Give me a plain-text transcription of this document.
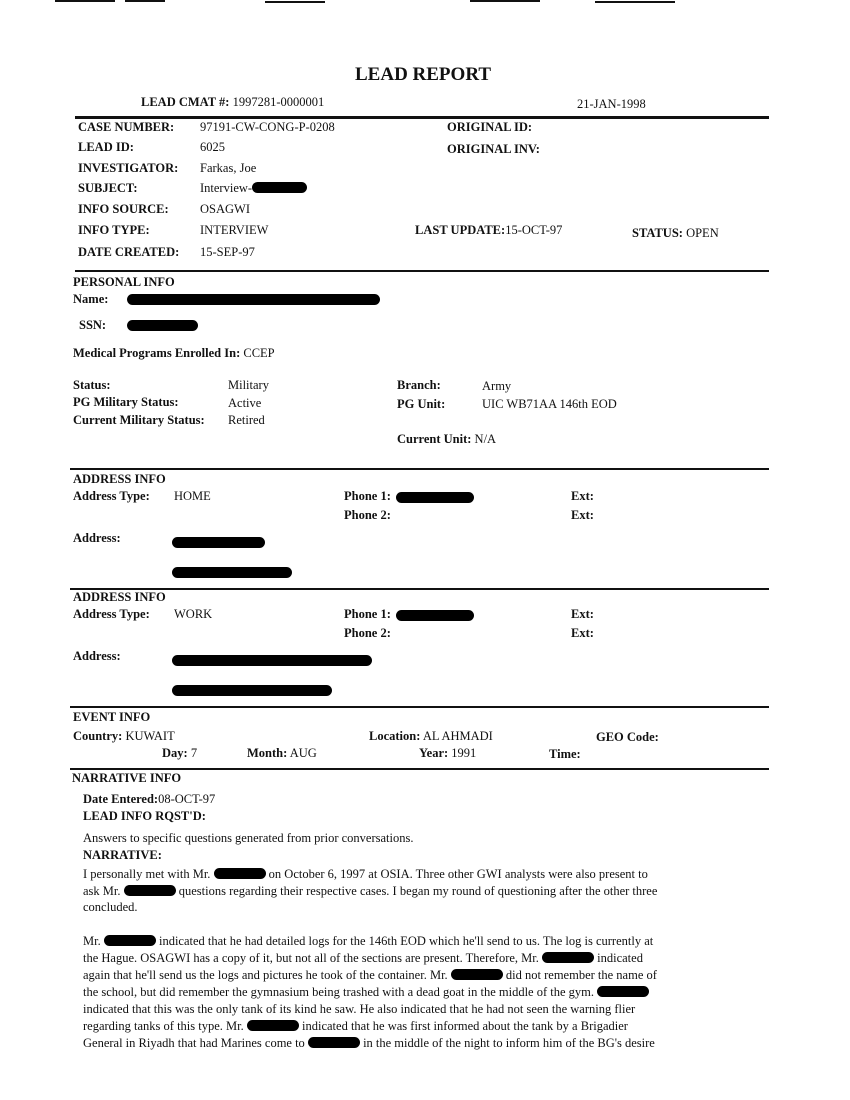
LEAD REPORT
LEAD CMAT #: 1997281-0000001	21-JAN-1998
CASE NUMBER: 97191-CW-CONG-P-0208
LEAD ID:	6025
INVESTIGATOR: Farkas, Joe
SUBJECT:	Interview-
INFO SOURCE:	OSAGWI
INFO TYPE:	INTERVIEW
DATE CREATED: 15-SEP-97
ORIGINAL ID:
ORIGINAL INV:
LAST UPDATE:15-OCT-97	STATUS: OPEN
PERSONAL INFO
Name:
SSN:
Medical Programs Enrolled In: CCEP
Status:	Military
PG Military Status:	Active
Current Military Status: Retired
Branch:	Army
PG Unit:	UIC WB71AA 146th EOD
Current Unit: N/A
ADDRESS INFO
Address Type: HOME	Phone 1:
Phone 2:
Ext:
Ext:
Address:
ADDRESS INFO
Address Type: WORK	Phone 1:
Phone 2:
Ext:
Ext:
Address:
EVENT INFO
Country: KUWAIT	Location: AL AHMADI	GEO Code:
Day: 7	Month: AUG	Year: 1991	Time:
NARRATIVE INFO
Date Entered:08-OCT-97
LEAD INFO RQST'D:
Answers to specific questions generated from prior conversations.
NARRATIVE:
I personally met with Mr.	on October 6, 1997 at OSIA. Three other GWI analysts were also present to
ask Mr.	questions regarding their respective cases. I began my round of questioning after the other three
concluded.
Mr.	indicated that he had detailed logs for the 146th EOD which he'll send to us. The log is currently at
the Hague. OSAGWI has a copy of it, but not all of the sections are present. Therefore, Mr.	indicated
again that he'll send us the logs and pictures he took of the container. Mr.	did not remember the name of
the school, but did remember the gymnasium being trashed with a dead goat in the middle of the gym.
indicated that this was the only tank of its kind he saw. He also indicated that he had not seen the warning flier
regarding tanks of this type. Mr.	indicated that he was first informed about the tank by a Brigadier
General in Riyadh that had Marines come to	in the middle of the night to inform him of the BG's desire
